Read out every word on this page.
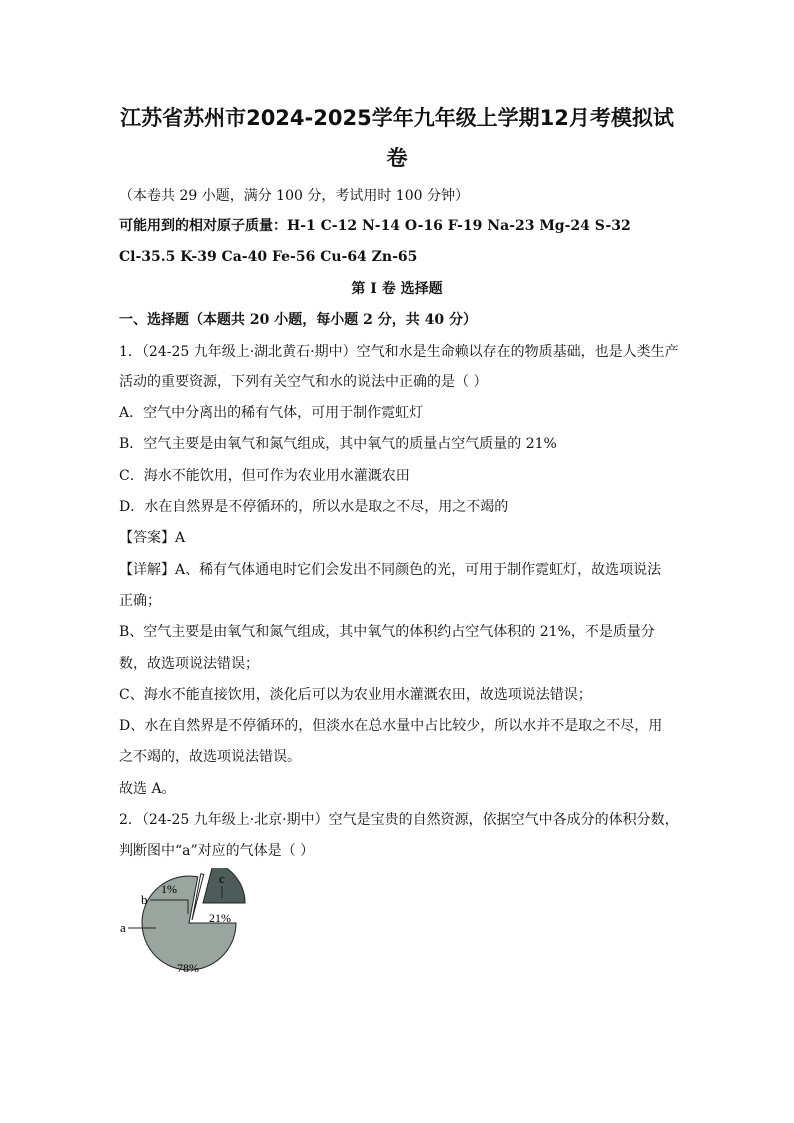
江苏省苏州市2024-2025学年九年级上学期12月考模拟试
卷

（本卷共 29 小题，满分 100 分，考试用时 100 分钟）

可能用到的相对原子质量：H-1 C-12 N-14 O-16 F-19 Na-23 Mg-24 S-32

Cl-35.5 K-39 Ca-40 Fe-56 Cu-64 Zn-65

第 I 卷 选择题

一、选择题（本题共 20 小题，每小题 2 分，共 40 分）

1．（24-25 九年级上·湖北黄石·期中）空气和水是生命赖以存在的物质基础，也是人类生产

活动的重要资源，下列有关空气和水的说法中正确的是（ ）

A．空气中分离出的稀有气体，可用于制作霓虹灯

B．空气主要是由氧气和氮气组成，其中氧气的质量占空气质量的 21%

C．海水不能饮用，但可作为农业用水灌溉农田

D．水在自然界是不停循环的，所以水是取之不尽，用之不竭的

【答案】A

【详解】A、稀有气体通电时它们会发出不同颜色的光，可用于制作霓虹灯，故选项说法

正确；

B、空气主要是由氧气和氮气组成，其中氧气的体积约占空气体积的 21%，不是质量分

数，故选项说法错误；

C、海水不能直接饮用，淡化后可以为农业用水灌溉农田，故选项说法错误；

D、水在自然界是不停循环的，但淡水在总水量中占比较少，所以水并不是取之不尽，用

之不竭的，故选项说法错误。

故选 A。

2．（24-25 九年级上·北京·期中）空气是宝贵的自然资源，依据空气中各成分的体积分数，

判断图中“a”对应的气体是（ ）

a
b
c
1%
21%
78%
